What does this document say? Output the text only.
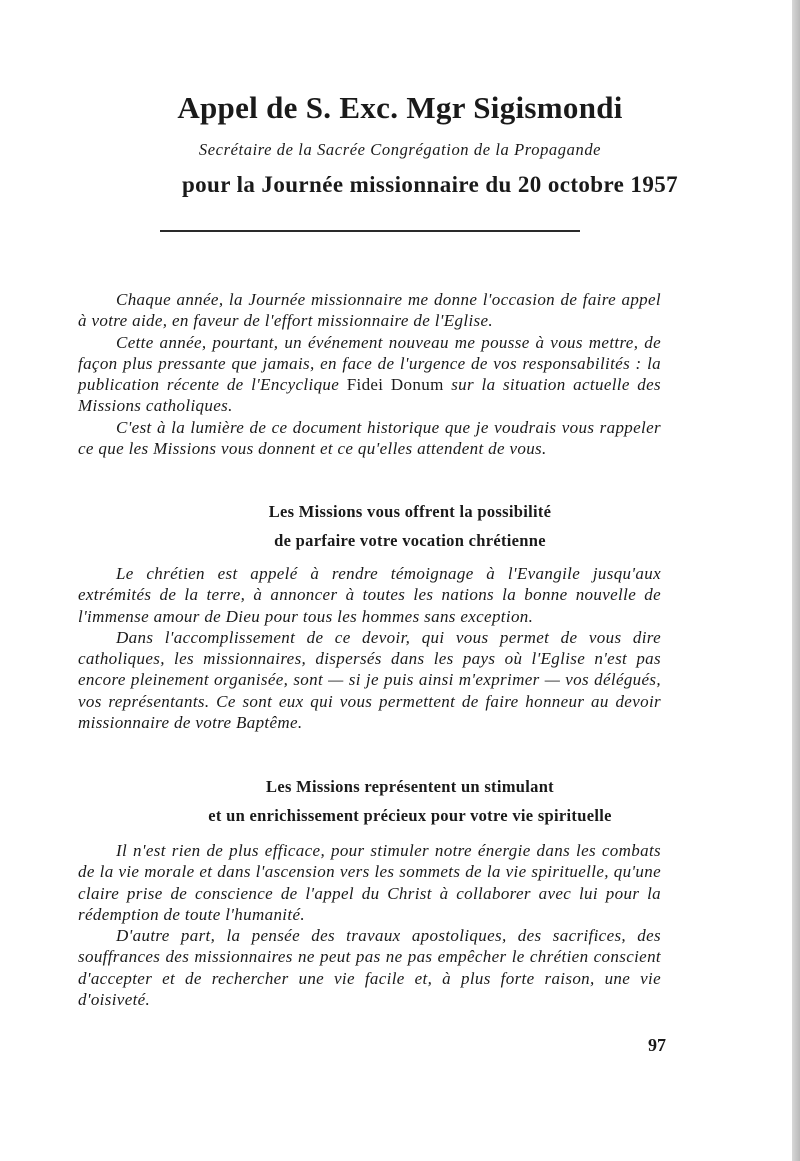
Appel de S. Exc. Mgr Sigismondi
Secrétaire de la Sacrée Congrégation de la Propagande
pour la Journée missionnaire du 20 octobre 1957

Chaque année, la Journée missionnaire me donne l'occasion de faire appel à votre aide, en faveur de l'effort missionnaire de l'Eglise.

Cette année, pourtant, un événement nouveau me pousse à vous mettre, de façon plus pressante que jamais, en face de l'urgence de vos responsabilités : la publication récente de l'Encyclique Fidei Donum sur la situation actuelle des Missions catholiques.

C'est à la lumière de ce document historique que je voudrais vous rappeler ce que les Missions vous donnent et ce qu'elles attendent de vous.

Les Missions vous offrent la possibilité
de parfaire votre vocation chrétienne

Le chrétien est appelé à rendre témoignage à l'Evangile jusqu'aux extrémités de la terre, à annoncer à toutes les nations la bonne nouvelle de l'immense amour de Dieu pour tous les hommes sans exception.

Dans l'accomplissement de ce devoir, qui vous permet de vous dire catholiques, les missionnaires, dispersés dans les pays où l'Eglise n'est pas encore pleinement organisée, sont — si je puis ainsi m'exprimer — vos délégués, vos représentants. Ce sont eux qui vous permettent de faire honneur au devoir missionnaire de votre Baptême.

Les Missions représentent un stimulant
et un enrichissement précieux pour votre vie spirituelle

Il n'est rien de plus efficace, pour stimuler notre énergie dans les combats de la vie morale et dans l'ascension vers les sommets de la vie spirituelle, qu'une claire prise de conscience de l'appel du Christ à collaborer avec lui pour la rédemption de toute l'humanité.

D'autre part, la pensée des travaux apostoliques, des sacrifices, des souffrances des missionnaires ne peut pas ne pas empêcher le chrétien conscient d'accepter et de rechercher une vie facile et, à plus forte raison, une vie d'oisiveté.

97
